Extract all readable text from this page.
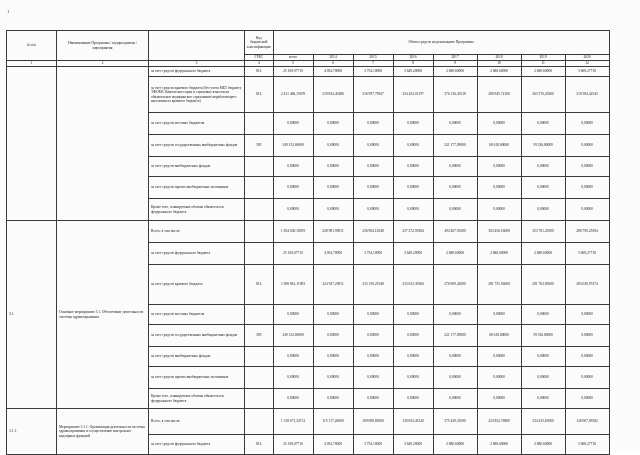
1
№ п/п	Наименование Программы / подпрограммы / мероприятия		Код бюджетной классификации	Объем средств на реализацию Программы							
			ГРБС	всего	2014	2015	2016	2017	2018	2019	2020
1	2	3	4	5	6	7	8	9	10	11	12
		за счет средств федерального бюджета	814	25 169,07710	4 054,70000	3 754,10000	3 649,20000	2 680,60000	2 680,60000	2 680,60000	5 669,27710
		за счет средств краевого бюджета (без учета МБТ бюджету ТФОМС Камчатского края и страховых взносов на обязательное медицинское страхование неработающего населения из краевого бюджета)	814	2 411 406,15678	319 844,45486	316 997,79947	334 452,01197	376 136,43518	280 945,72100	263 576,20200	319 584,42545
		за счет средств местных бюджетов		0,00000	0,00000	0,00000	0,00000	0,00000	0,00000	0,00000	0,00000
		за счет средств государственных внебюджетных фондов	395	349 132,69000	0,00000	0,00000	0,00000	221 177,09000	68 618,80000	59 336,80000	0,00000
		за счет средств внебюджетных фондов		0,00000	0,00000	0,00000	0,00000	0,00000	0,00000	0,00000	0,00000
		за счет средств прочих внебюджетных источников		0,00000	0,00000	0,00000	0,00000	0,00000	0,00000	0,00000	0,00000
		Кроме того, планируемые объемы обязательств федерального бюджета		0,00000	0,00000	0,00000	0,00000	0,00000	0,00000	0,00000	0,00000
3.1.	Основное мероприятие 3.1. Обеспечение деятельности системы здравоохранения	Всего, в том числе:		1 834 630,18819	228 981,90911	236 904,16548	237 272,59384	494 467,91000	303 456,16000	353 781,25000	280 790,25394
		за счет средств федерального бюджета		25 169,07710	4 054,70000	3 754,10000	3 649,20000	2 680,60000	2 680,60000	2 680,60000	5 669,27710
		за счет средств краевого бюджета	814	1 908 861,11903	224 927,20911	233 150,25548	233 623,39384	270 609,42000	281 755,56000	291 763,85000	283 030,97474
		за счет средств местных бюджетов		0,00000	0,00000	0,00000	0,00000	0,00000	0,00000	0,00000	0,00000
		за счет средств государственных внебюджетных фондов	395	349 132,69000	0,00000	0,00000	0,00000	221 177,09000	68 618,80000	59 336,80000	0,00000
		за счет средств внебюджетных фондов		0,00000	0,00000	0,00000	0,00000	0,00000	0,00000	0,00000	0,00000
		за счет средств прочих внебюджетных источников		0,00000	0,00000	0,00000	0,00000	0,00000	0,00000	0,00000	0,00000
		Кроме того, планируемые объемы обязательств федерального бюджета		0,00000	0,00000	0,00000	0,00000	0,00000	0,00000	0,00000	0,00000
3.1.1.	Мероприятие 3.1.1. Организация деятельности системы здравоохранения и осуществление контрольно-надзорных функций	Всего, в том числе:		1 318 671,34712	115 117,26000	109 080,83000	130 843,45320	375 429,31000	223 852,76800	234 435,65000	128 067,05582
		за счет средств федерального бюджета	814	25 169,07710	4 054,70000	3 754,10000	3 649,20000	2 680,60000	2 680,60000	2 680,60000	5 669,27710
